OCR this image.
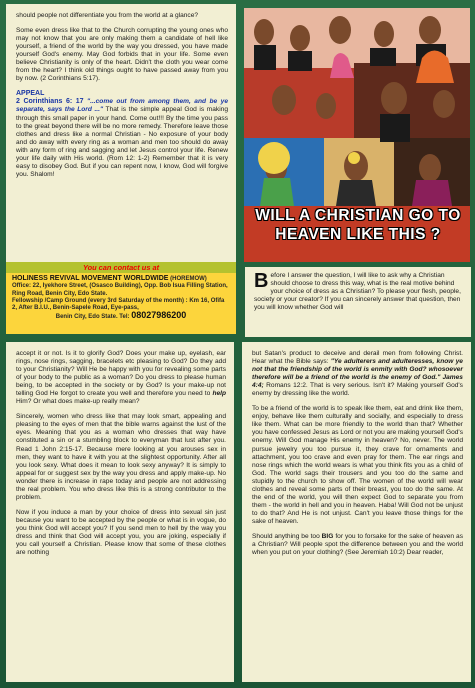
should people not differentiate you from the world at a glance?

Some even dress like that to the Church corrupting the young ones who may not know that you are only making them a candidate of hell like yourself, a friend of the world by the way you dressed, you have made yourself God's enemy. May God forbids that in your life. Some even believe Christianity is only of the heart. Didn't the cloth you wear come from the heart? I think old things ought to have passed away from you by now. (2 Corinthians 5:17).

APPEAL

2 Corinthians 6: 17 "...come out from among them, and be ye separate, says the Lord ..." That is the simple appeal God is making through this small paper in your hand. Come out!!! By the time you pass to the great beyond there will be no more remedy. Therefore leave those clothes and dress like a normal Christian - No exposure of your body and do away with every ring as a woman and men too should do away with any form of ring and sagging and let Jesus control your life. Renew your life daily with His world. (Rom 12: 1-2) Remember that it is very easy to disobey God. But if you can repent now, I know, God will forgive you. Shalom!

You can contact us at
HOLINESS REVIVAL MOVEMENT WORLDWIDE (HOREMOW)
Office: 22, Iyekhore Street, (Osasco Building), Opp. Bob Isua Filling Station, Ring Road, Benin City, Edo State.
Fellowship /Camp Ground (every 3rd Saturday of the month) : Km 16, Ofifa 2, After B.I.U., Benin-Sapele Road, Eye-pass,
Benin City, Edo State. Tel: 08027986200
WILL A CHRISTIAN GO TO HEAVEN LIKE THIS ?
B efore I answer the question, I will like to ask why a Christian should choose to dress this way, what is the real motive behind your choice of dress as a Christian? To please your flesh, people, society or your creator? If you can sincerely answer that question, then you will know whether God will

accept it or not. Is it to glorify God? Does your make up, eyelash, ear rings, nose rings, sagging, bracelets etc pleasing to God? Do they add to your Christianity? Will He be happy with you for revealing some parts of your body to the public as a woman? Do you dress to please human being, to be accepted in the society or by God? Is your make-up not telling God He forgot to create you well and therefore you need to help Him? Or what does make-up really mean?

Sincerely, women who dress like that may look smart, appealing and pleasing to the eyes of men that the bible warns against the lust of the eyes. Meaning that you as a woman who dresses that way have constituted a sin or a stumbling block to everyman that lust after you. Read 1 John 2:15-17. Because mere looking at you arouses sex in men, they want to have it with you at the slightest opportunity. After all you look sexy. What does it mean to look sexy anyway? It is simply to appeal for or suggest sex by the way you dress and apply make-up. No wonder there is increase in rape today and people are not addressing the real problem. You who dress like this is a strong contributor to the problem.

Now if you induce a man by your choice of dress into sexual sin just because you want to be accepted by the people or what is in vogue, do you think God will accept you? If you send men to hell by the way you dress and think that God will accept you, you are joking, especially if you call yourself a Christian. Please know that some of these clothes are nothing

but Satan's product to deceive and derail men from following Christ. Hear what the Bible says: "Ye adulterers and adulteresses, know ye not that the friendship of the world is enmity with God? whosoever therefore will be a friend of the world is the enemy of God." James 4:4; Romans 12:2. That is very serious. Isn't it? Making yourself God's enemy by dressing like the world.

To be a friend of the world is to speak like them, eat and drink like them, enjoy, behave like them culturally and socially, and especially to dress like them. What can be more friendly to the world than that? Whether you have confessed Jesus as Lord or not you are making yourself God's enemy. Will God manage His enemy in heaven? No, never. The world pursue jewelry you too pursue it, they crave for ornaments and attachment, you too crave and even pray for them. The ear rings and nose rings which the world wears is what you think fits you as a child of God. The world sags their trousers and you too do the same and stupidly to the church to show off. The women of the world will wear clothes and reveal some parts of their breast, you too do the same. At the end of the world, you will then expect God to separate you from them - the world in hell and you in heaven. Haba! Will God not be unjust to do that? And He is not unjust. Can't you leave those things for the sake of heaven.

Should anything be too BIG for you to forsake for the sake of heaven as a Christian? Will people spot the difference between you and the world when you put on your clothing? (See Jeremiah 10:2) Dear reader,
